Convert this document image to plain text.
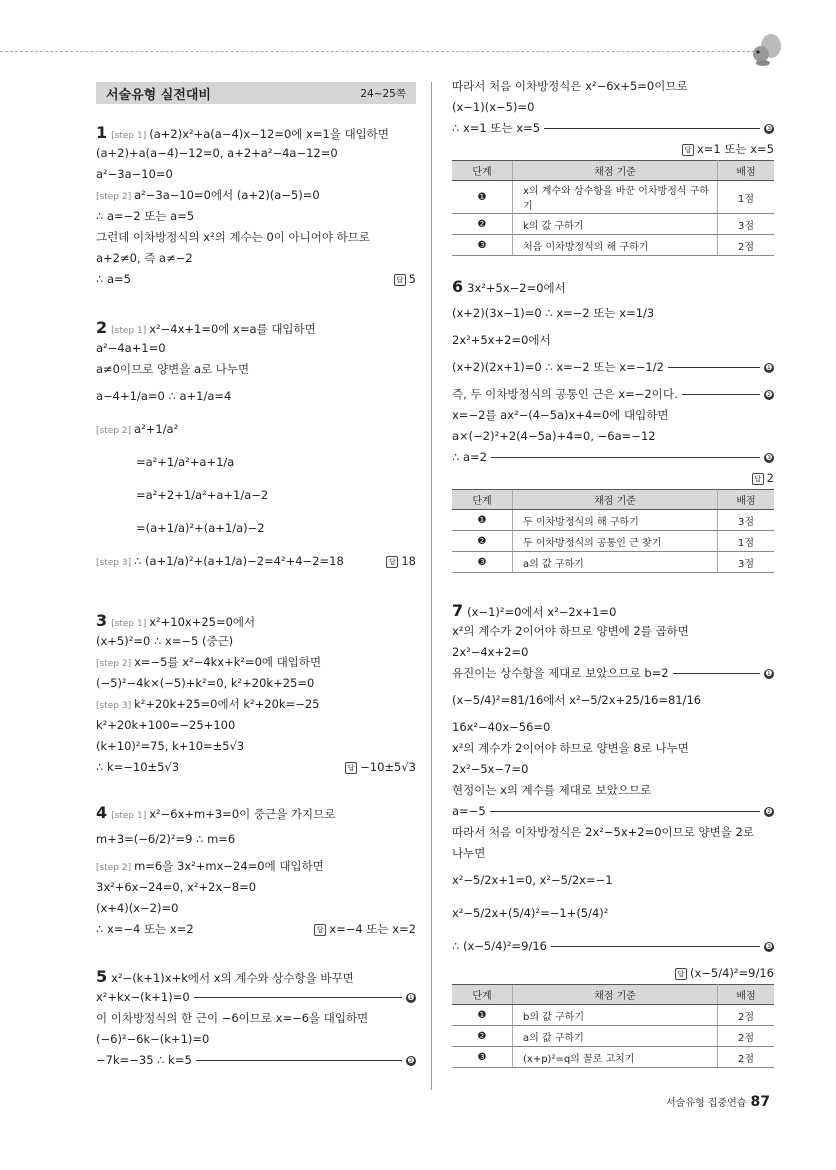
서술유형 실전대비	24~25쪽
1 [step 1] (a+2)x²+a(a−4)x−12=0에 x=1을 대입하면
(a+2)+a(a−4)−12=0, a+2+a²−4a−12=0
a²−3a−10=0
[step 2] a²−3a−10=0에서 (a+2)(a−5)=0
∴ a=−2 또는 a=5
그런데 이차방정식의 x²의 계수는 0이 아니어야 하므로
a+2≠0, 즉 a≠−2
∴ a=5	답 5
2 [step 1] x²−4x+1=0에 x=a를 대입하면
a²−4a+1=0
a≠0이므로 양변을 a로 나누면
a−4+1/a=0 ∴ a+1/a=4
[step 2] a²+1/a²
=a²+1/a²+a+1/a
=a²+2+1/a²+a+1/a−2
=(a+1/a)²+(a+1/a)−2
[step 3] ∴ (a+1/a)²+(a+1/a)−2=4²+4−2=18	답 18
3 [step 1] x²+10x+25=0에서
(x+5)²=0 ∴ x=−5 (중근)
[step 2] x=−5를 x²−4kx+k²=0에 대입하면
(−5)²−4k×(−5)+k²=0, k²+20k+25=0
[step 3] k²+20k+25=0에서 k²+20k=−25
k²+20k+100=−25+100
(k+10)²=75, k+10=±5√3
∴ k=−10±5√3	답 −10±5√3
4 [step 1] x²−6x+m+3=0이 중근을 가지므로
m+3=(−6/2)²=9 ∴ m=6
[step 2] m=6을 3x²+mx−24=0에 대입하면
3x²+6x−24=0, x²+2x−8=0
(x+4)(x−2)=0
∴ x=−4 또는 x=2	답 x=−4 또는 x=2
5 x²−(k+1)x+k에서 x의 계수와 상수항을 바꾸면
x²+kx−(k+1)=0	❶
이 이차방정식의 한 근이 −6이므로 x=−6을 대입하면
(−6)²−6k−(k+1)=0
−7k=−35 ∴ k=5	❷
따라서 처음 이차방정식은 x²−6x+5=0이므로
(x−1)(x−5)=0
∴ x=1 또는 x=5	❸
답 x=1 또는 x=5
단계	채점 기준	배점
❶	x의 계수와 상수항을 바꾼 이차방정식 구하기	1점
❷	k의 값 구하기	3점
❸	처음 이차방정식의 해 구하기	2점
6 3x²+5x−2=0에서
(x+2)(3x−1)=0 ∴ x=−2 또는 x=1/3
2x²+5x+2=0에서
(x+2)(2x+1)=0 ∴ x=−2 또는 x=−1/2	❶
즉, 두 이차방정식의 공통인 근은 x=−2이다.	❷
x=−2를 ax²−(4−5a)x+4=0에 대입하면
a×(−2)²+2(4−5a)+4=0, −6a=−12
∴ a=2	❸
답 2
단계	채점 기준	배점
❶	두 이차방정식의 해 구하기	3점
❷	두 이차방정식의 공통인 근 찾기	1점
❸	a의 값 구하기	3점
7 (x−1)²=0에서 x²−2x+1=0
x²의 계수가 2이어야 하므로 양변에 2를 곱하면
2x²−4x+2=0
유진이는 상수항을 제대로 보았으므로 b=2	❶
(x−5/4)²=81/16에서 x²−5/2x+25/16=81/16
16x²−40x−56=0
x²의 계수가 2이어야 하므로 양변을 8로 나누면
2x²−5x−7=0
현정이는 x의 계수를 제대로 보았으므로
a=−5	❷
따라서 처음 이차방정식은 2x²−5x+2=0이므로 양변을 2로
나누면
x²−5/2x+1=0, x²−5/2x=−1
x²−5/2x+(5/4)²=−1+(5/4)²
∴ (x−5/4)²=9/16	❸
답 (x−5/4)²=9/16
단계	채점 기준	배점
❶	b의 값 구하기	2점
❷	a의 값 구하기	2점
❸	(x+p)²=q의 꼴로 고치기	2점
서술유형 집중연습 87
